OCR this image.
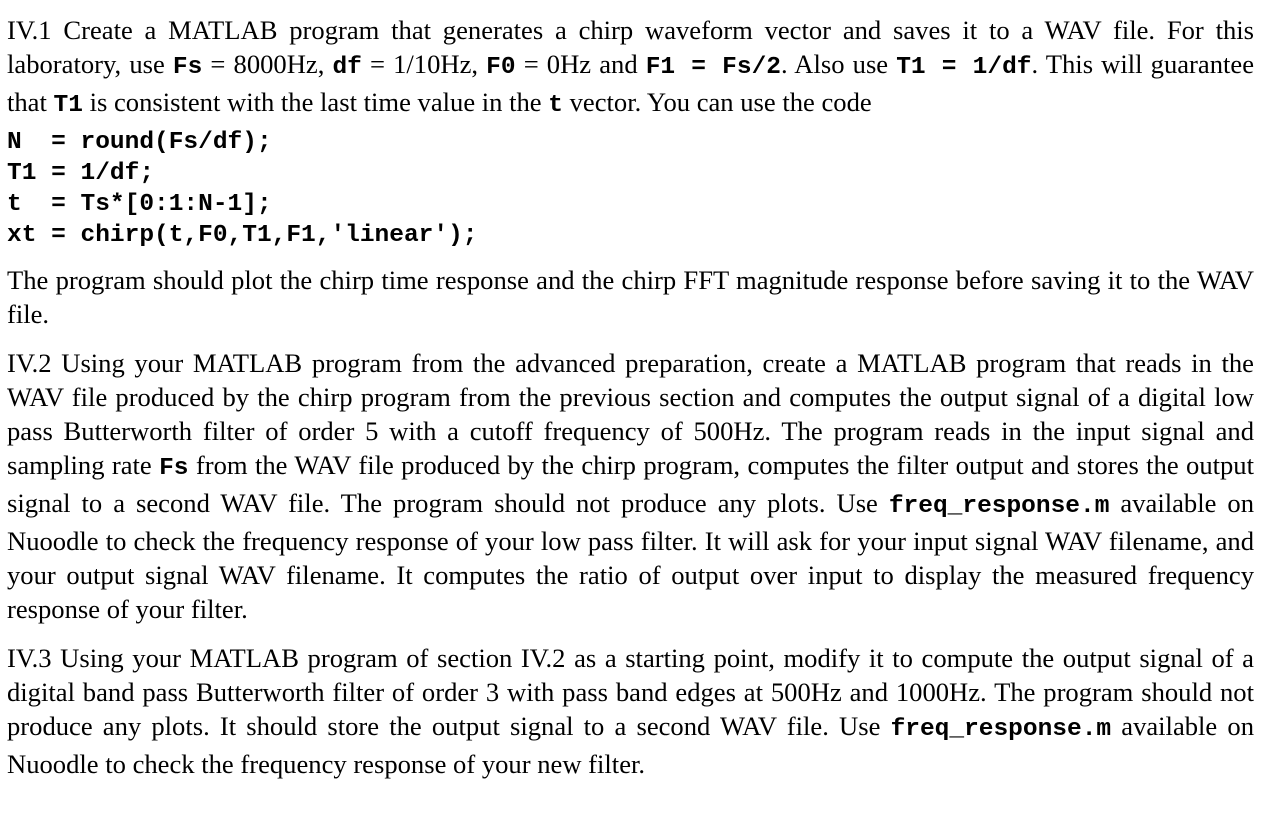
IV.1 Create a MATLAB program that generates a chirp waveform vector and saves it to a WAV file. For this laboratory, use Fs = 8000Hz, df = 1/10Hz, F0 = 0Hz and F1 = Fs/2. Also use T1 = 1/df. This will guarantee that T1 is consistent with the last time value in the t vector. You can use the code

N  = round(Fs/df);
T1 = 1/df;
t  = Ts*[0:1:N-1];
xt = chirp(t,F0,T1,F1,'linear');

The program should plot the chirp time response and the chirp FFT magnitude response before saving it to the WAV file.

IV.2 Using your MATLAB program from the advanced preparation, create a MATLAB program that reads in the WAV file produced by the chirp program from the previous section and computes the output signal of a digital low pass Butterworth filter of order 5 with a cutoff frequency of 500Hz. The program reads in the input signal and sampling rate Fs from the WAV file produced by the chirp program, computes the filter output and stores the output signal to a second WAV file. The program should not produce any plots. Use freq_response.m available on Nuoodle to check the frequency response of your low pass filter. It will ask for your input signal WAV filename, and your output signal WAV filename. It computes the ratio of output over input to display the measured frequency response of your filter.

IV.3 Using your MATLAB program of section IV.2 as a starting point, modify it to compute the output signal of a digital band pass Butterworth filter of order 3 with pass band edges at 500Hz and 1000Hz. The program should not produce any plots. It should store the output signal to a second WAV file. Use freq_response.m available on Nuoodle to check the frequency response of your new filter.
